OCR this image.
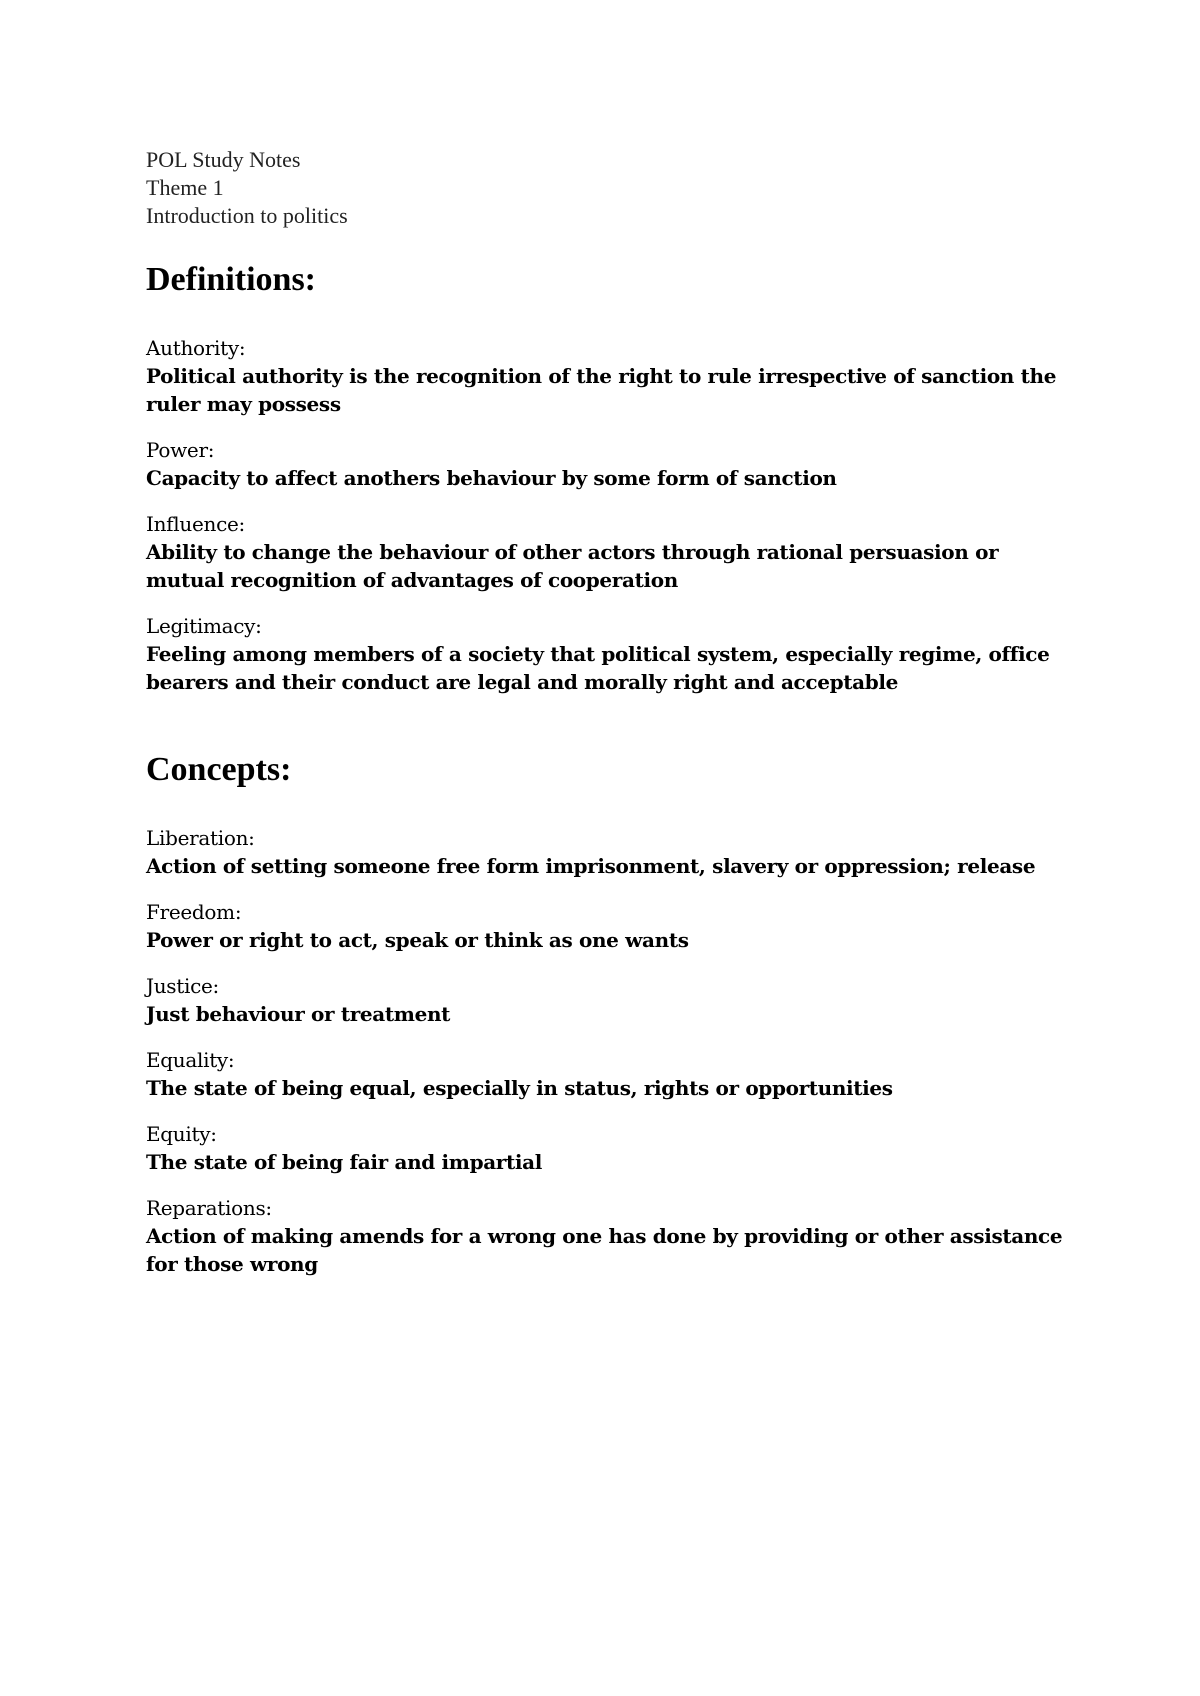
POL Study Notes

Theme 1

Introduction to politics

Definitions:

Authority:

Political authority is the recognition of the right to rule irrespective of sanction the ruler may possess

Power:

Capacity to affect anothers behaviour by some form of sanction

Influence:

Ability to change the behaviour of other actors through rational persuasion or mutual recognition of advantages of cooperation

Legitimacy:

Feeling among members of a society that political system, especially regime, office bearers and their conduct are legal and morally right and acceptable

Concepts:

Liberation:

Action of setting someone free form imprisonment, slavery or oppression; release

Freedom:

Power or right to act, speak or think as one wants

Justice:

Just behaviour or treatment

Equality:

The state of being equal, especially in status, rights or opportunities

Equity:

The state of being fair and impartial

Reparations:

Action of making amends for a wrong one has done by providing or other assistance for those wrong
